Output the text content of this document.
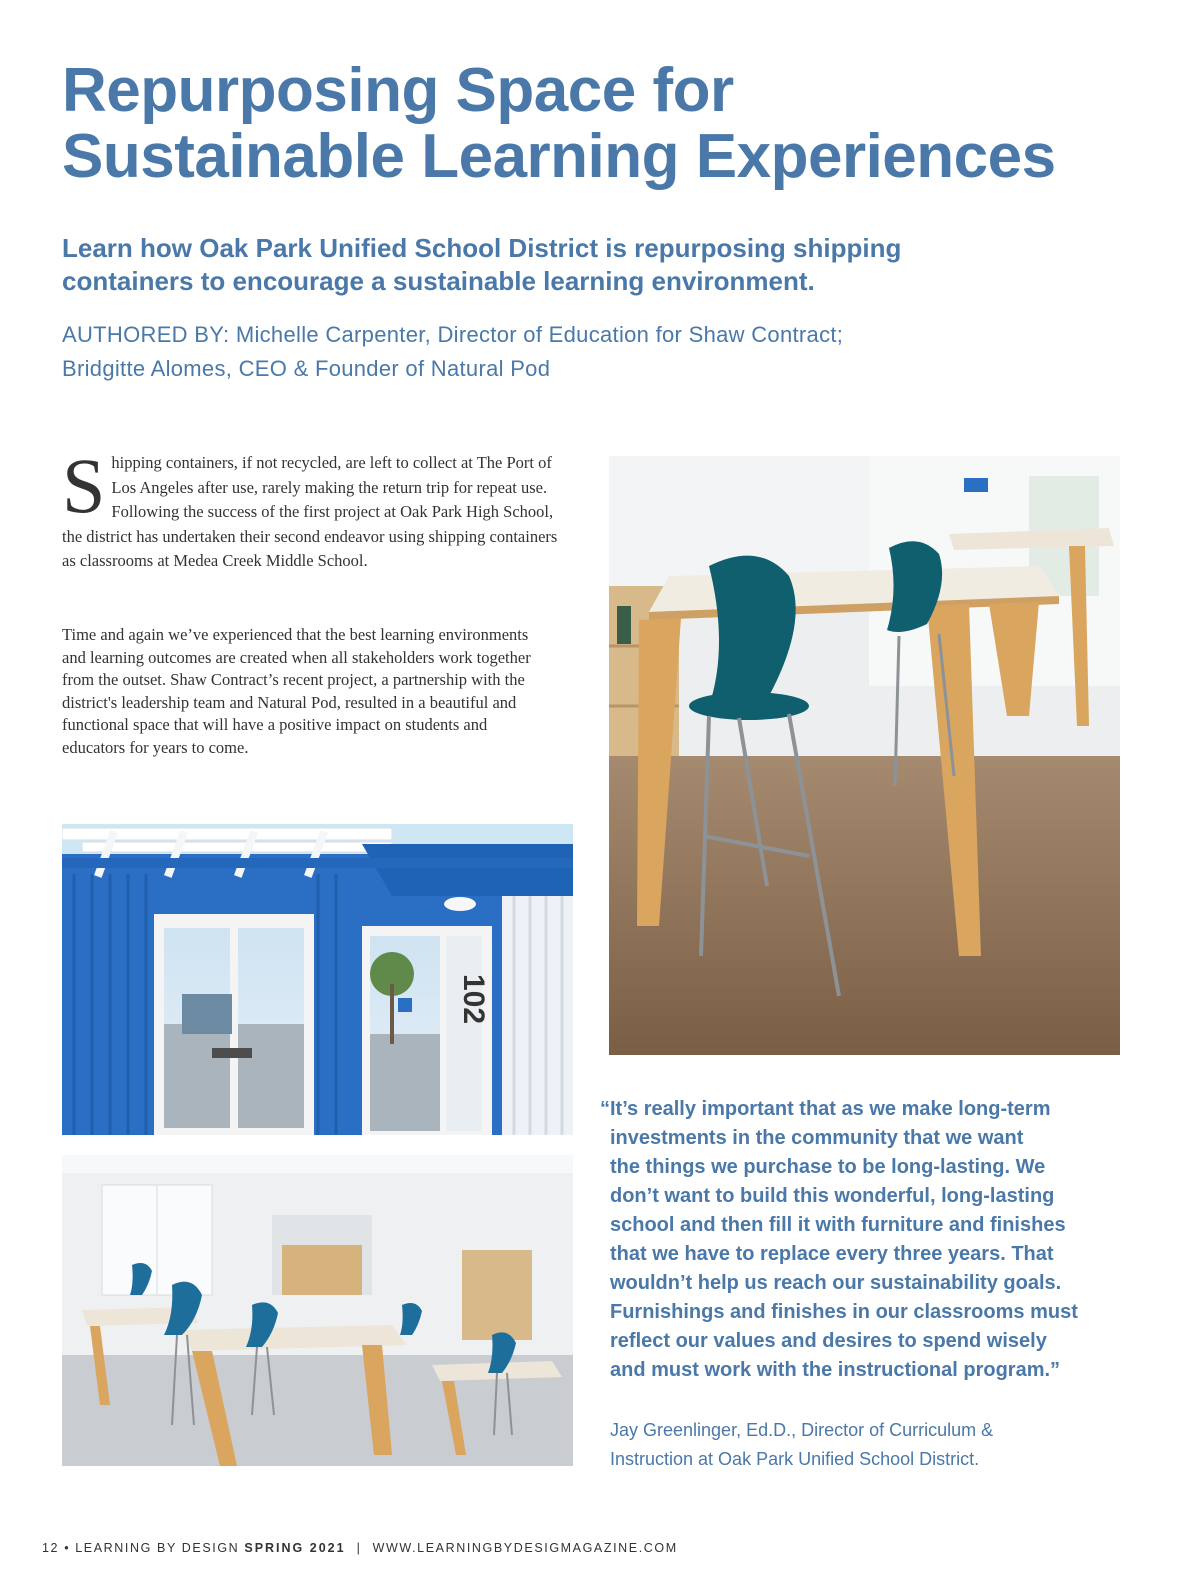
Repurposing Space for
Sustainable Learning Experiences
Learn how Oak Park Unified School District is repurposing shipping
containers to encourage a sustainable learning environment.
AUTHORED BY: Michelle Carpenter, Director of Education for Shaw Contract;
Bridgitte Alomes, CEO & Founder of Natural Pod
S hipping containers, if not recycled, are left to collect at The Port of Los Angeles after use, rarely making the return trip for repeat use. Following the success of the first project at Oak Park High School, the district has undertaken their second endeavor using shipping containers as classrooms at Medea Creek Middle School.
Time and again we’ve experienced that the best learning environments and learning outcomes are created when all stakeholders work together from the outset. Shaw Contract’s recent project, a partnership with the district's leadership team and Natural Pod, resulted in a beautiful and functional space that will have a positive impact on students and educators for years to come.
102
“It’s really important that as we make long-term
investments in the community that we want
the things we purchase to be long-lasting. We
don’t want to build this wonderful, long-lasting
school and then fill it with furniture and finishes
that we have to replace every three years. That
wouldn’t help us reach our sustainability goals.
Furnishings and finishes in our classrooms must
reflect our values and desires to spend wisely
and must work with the instructional program.”
Jay Greenlinger, Ed.D., Director of Curriculum &
Instruction at Oak Park Unified School District.
12 • LEARNING BY DESIGN SPRING 2021 | WWW.LEARNINGBYDESIGMAGAZINE.COM
